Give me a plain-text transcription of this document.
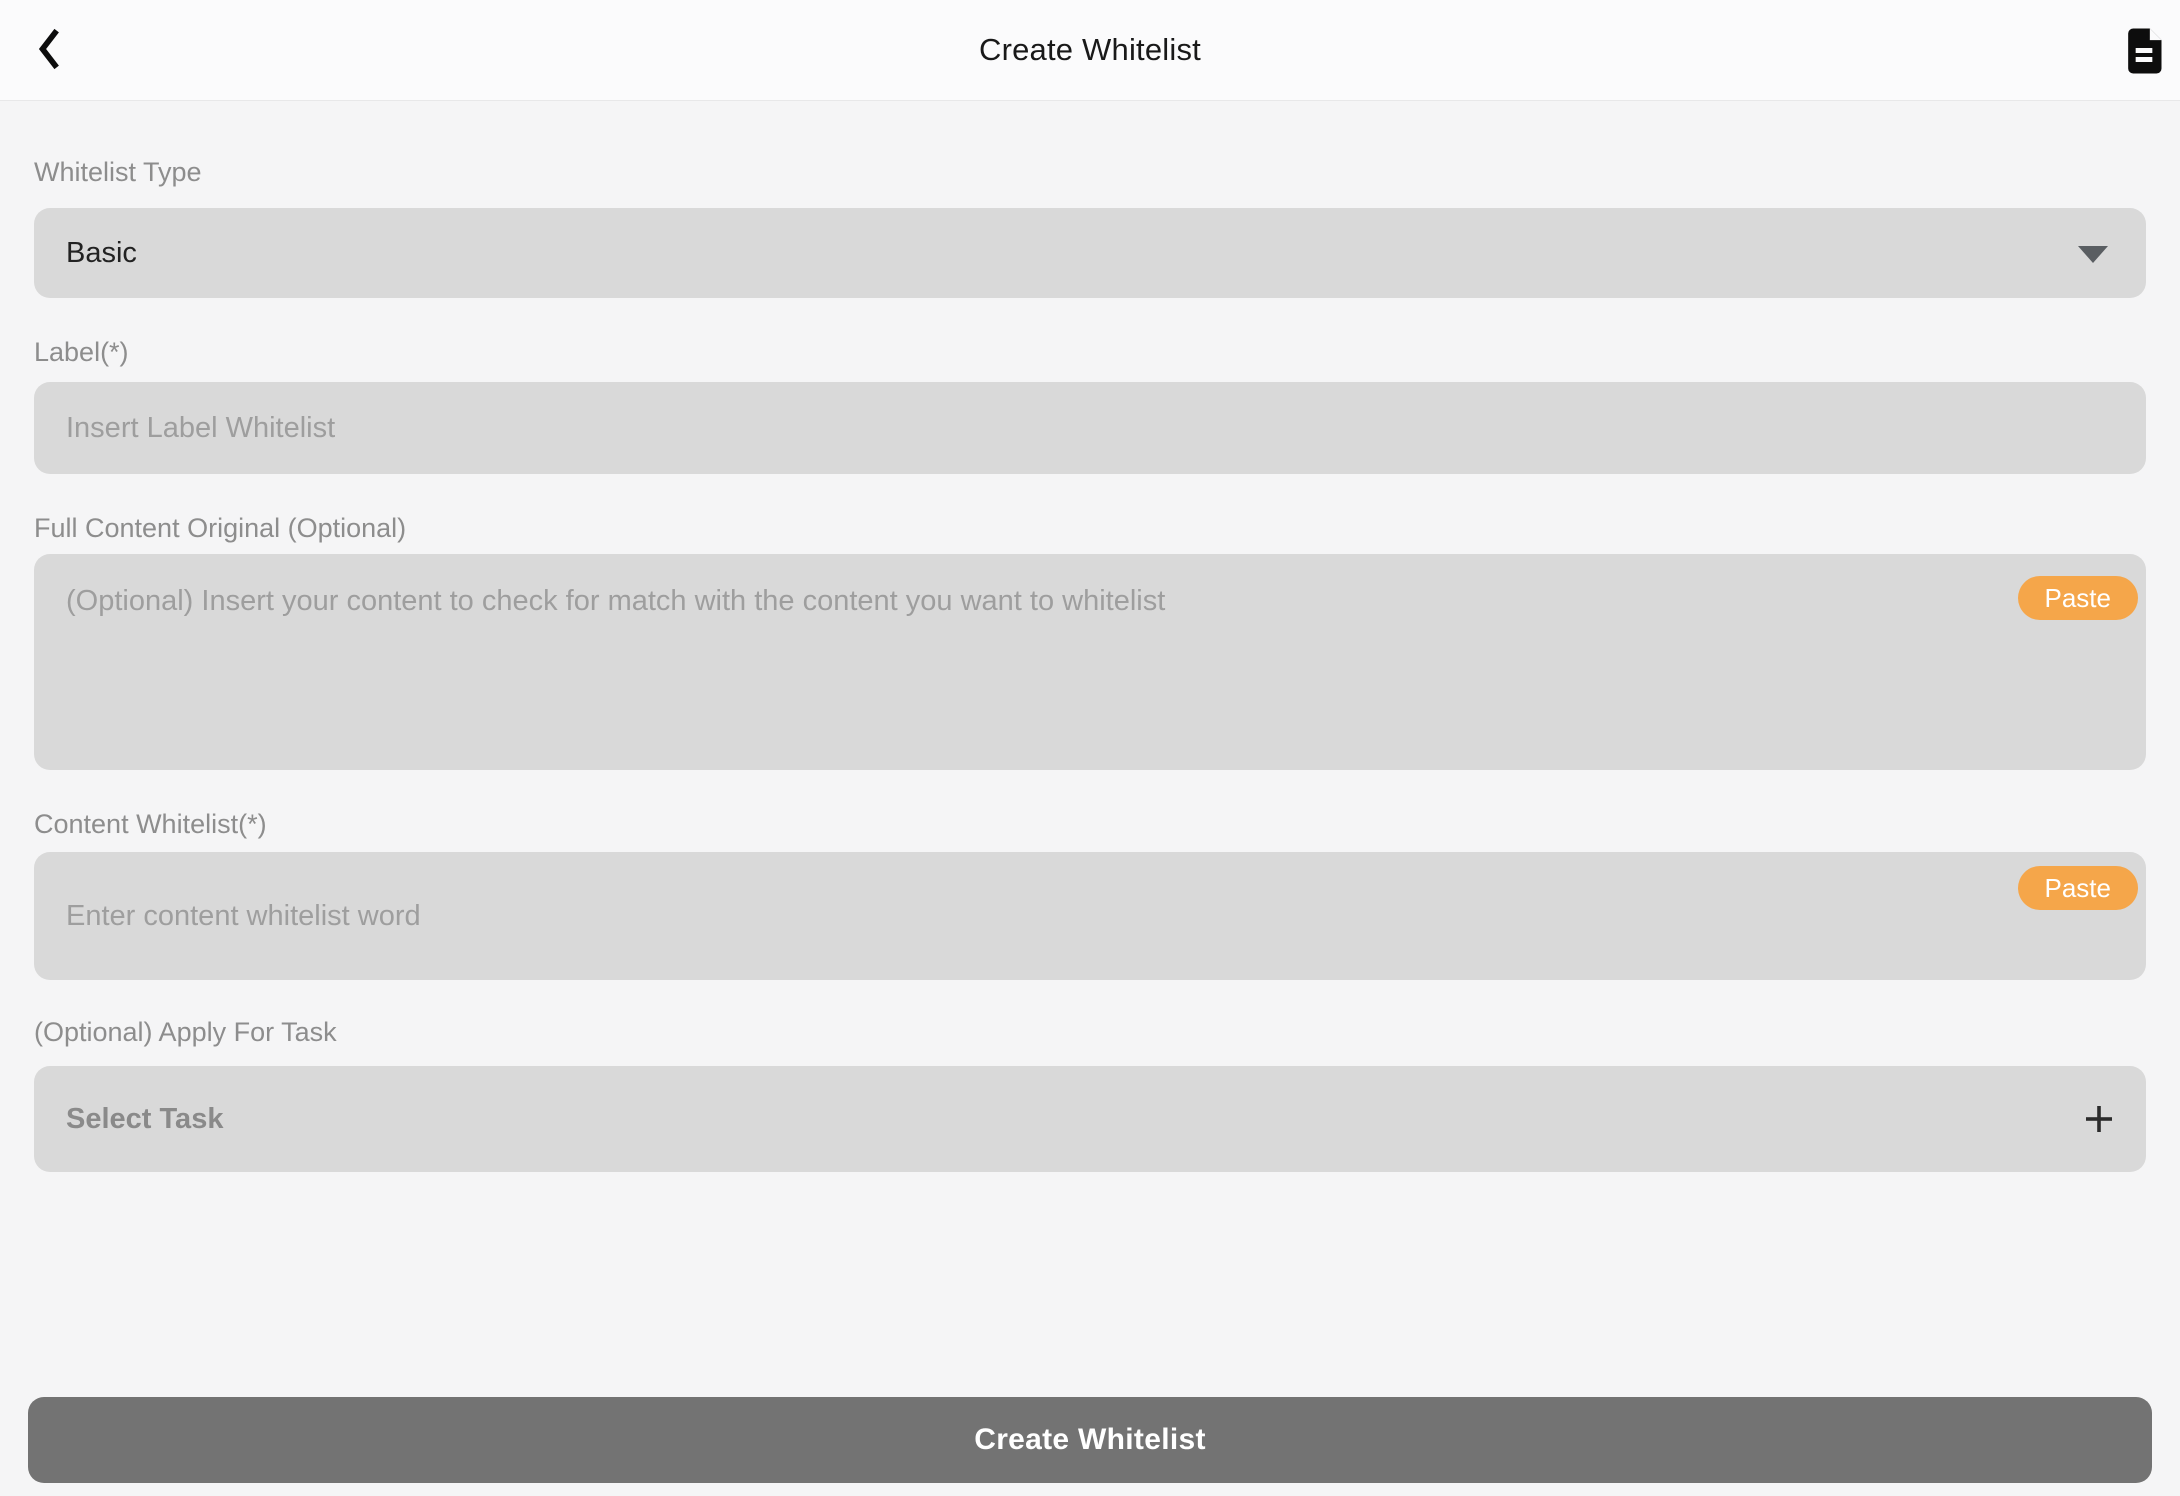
Create Whitelist
Whitelist Type
Basic
Label(*)
Insert Label Whitelist
Full Content Original (Optional)
(Optional) Insert your content to check for match with the content you want to whitelist
Paste
Content Whitelist(*)
Enter content whitelist word
Paste
(Optional) Apply For Task
Select Task
Create Whitelist
